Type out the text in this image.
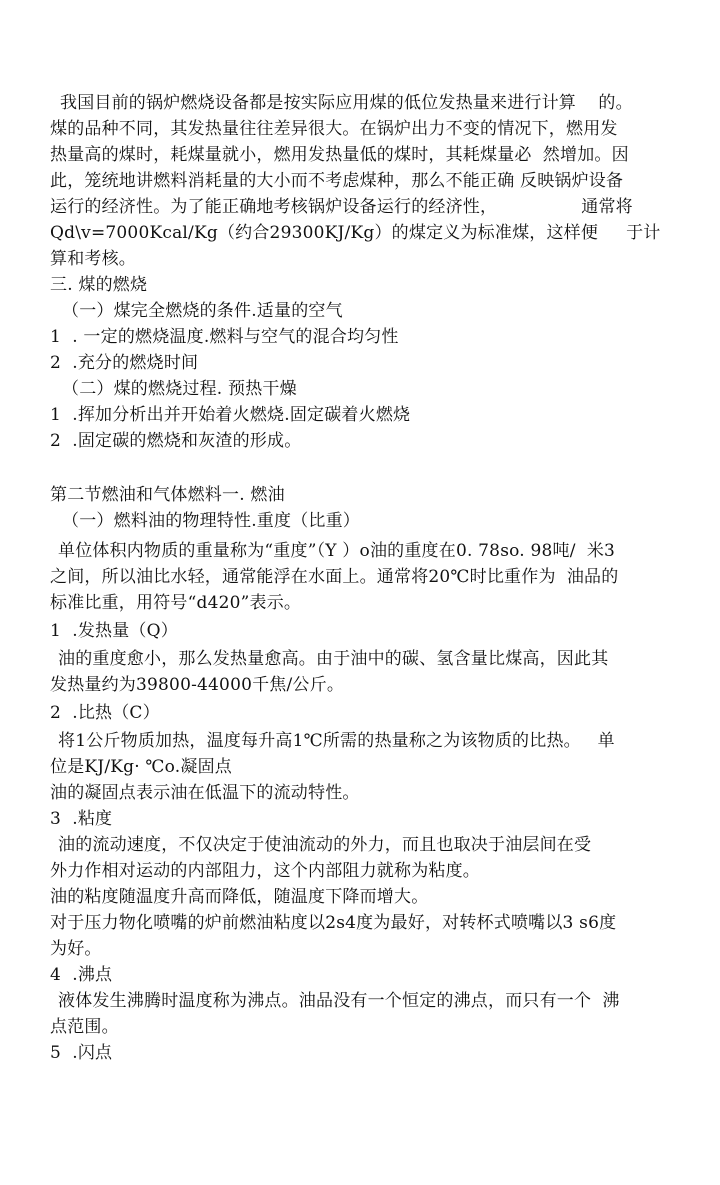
我国目前的锅炉燃烧设备都是按实际应用煤的低位发热量来进行计算    的。
煤的品种不同，其发热量往往差异很大。在锅炉出力不变的情况下，燃用发
热量高的煤时，耗煤量就小，燃用发热量低的煤时，其耗煤量必  然增加。因
此，笼统地讲燃料消耗量的大小而不考虑煤种，那么不能正确 反映锅炉设备
运行的经济性。为了能正确地考核锅炉设备运行的经济性，               通常将
Qd\v=7000Kcal/Kg（约合29300KJ/Kg）的煤定义为标准煤，这样便     于计
算和考核。
三. 煤的燃烧
（一）煤完全燃烧的条件.适量的空气
1  . 一定的燃烧温度.燃料与空气的混合均匀性
2  .充分的燃烧时间
（二）煤的燃烧过程. 预热干燥
1  .挥加分析出并开始着火燃烧.固定碳着火燃烧
2  .固定碳的燃烧和灰渣的形成。
第二节燃油和气体燃料一. 燃油
（一）燃料油的物理特性.重度（比重）
单位体积内物质的重量称为“重度”（Y ）o油的重度在0. 78so. 98吨/  米3
之间，所以油比水轻，通常能浮在水面上。通常将20℃时比重作为  油品的
标准比重，用符号“d420”表示。
1  .发热量（Q）
油的重度愈小，那么发热量愈高。由于油中的碳、氢含量比煤高，因此其
发热量约为39800-44000千焦/公斤。
2  .比热（C）
将1公斤物质加热，温度每升高1℃所需的热量称之为该物质的比热。   单
位是KJ/Kg· ℃o.凝固点
油的凝固点表示油在低温下的流动特性。
3  .粘度
油的流动速度，不仅决定于使油流动的外力，而且也取决于油层间在受
外力作相对运动的内部阻力，这个内部阻力就称为粘度。
油的粘度随温度升高而降低，随温度下降而增大。
对于压力物化喷嘴的炉前燃油粘度以2s4度为最好，对转杯式喷嘴以3 s6度
为好。
4  .沸点
液体发生沸腾时温度称为沸点。油品没有一个恒定的沸点，而只有一个  沸
点范围。
5  .闪点
